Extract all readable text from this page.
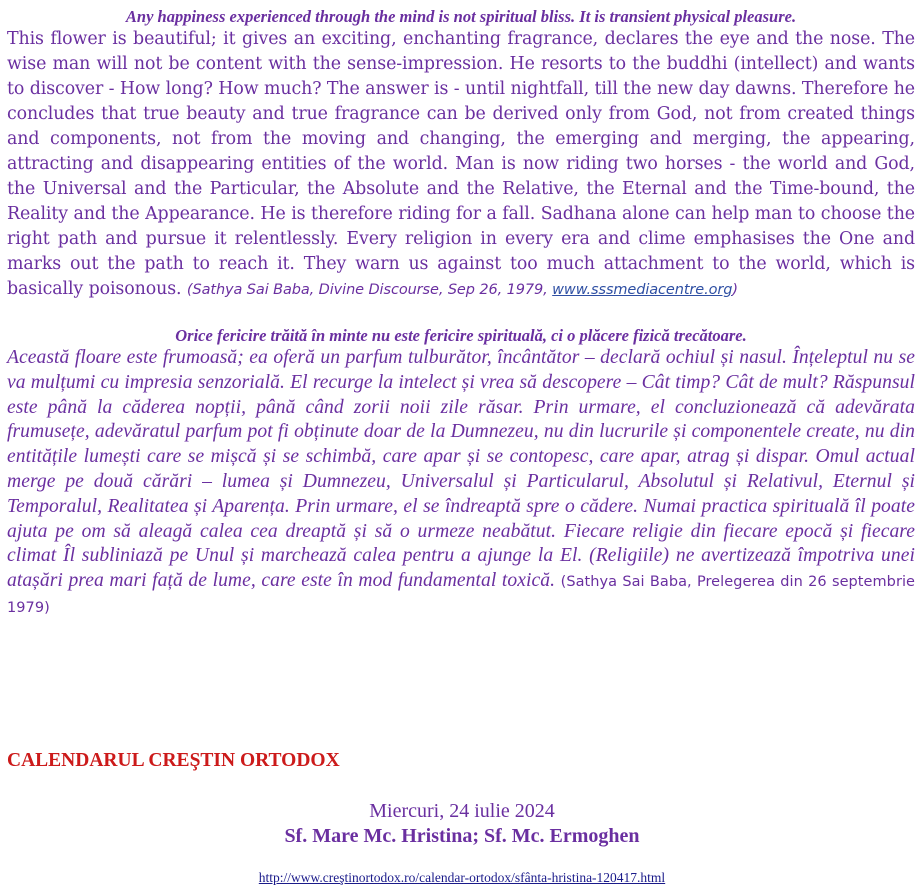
Any happiness experienced through the mind is not spiritual bliss. It is transient physical pleasure.

This flower is beautiful; it gives an exciting, enchanting fragrance, declares the eye and the nose. The wise man will not be content with the sense-impression. He resorts to the buddhi (intellect) and wants to discover - How long? How much? The answer is - until nightfall, till the new day dawns. Therefore he concludes that true beauty and true fragrance can be derived only from God, not from created things and components, not from the moving and changing, the emerging and merging, the appearing, attracting and disappearing entities of the world. Man is now riding two horses - the world and God, the Universal and the Particular, the Absolute and the Relative, the Eternal and the Time-bound, the Reality and the Appearance. He is therefore riding for a fall. Sadhana alone can help man to choose the right path and pursue it relentlessly. Every religion in every era and clime emphasises the One and marks out the path to reach it. They warn us against too much attachment to the world, which is basically poisonous. (Sathya Sai Baba, Divine Discourse, Sep 26, 1979, www.sssmediacentre.org)

Orice fericire trăită în minte nu este fericire spirituală, ci o plăcere fizică trecătoare.

Această floare este frumoasă; ea oferă un parfum tulburător, încântător – declară ochiul și nasul. Înțeleptul nu se va mulțumi cu impresia senzorială. El recurge la intelect și vrea să descopere – Cât timp? Cât de mult? Răspunsul este până la căderea nopții, până când zorii noii zile răsar. Prin urmare, el concluzionează că adevărata frumusețe, adevăratul parfum pot fi obținute doar de la Dumnezeu, nu din lucrurile și componentele create, nu din entitățile lumești care se mișcă și se schimbă, care apar și se contopesc, care apar, atrag și dispar. Omul actual merge pe două cărări – lumea și Dumnezeu, Universalul și Particularul, Absolutul și Relativul, Eternul și Temporalul, Realitatea și Aparența. Prin urmare, el se îndreaptă spre o cădere. Numai practica spirituală îl poate ajuta pe om să aleagă calea cea dreaptă și să o urmeze neabătut. Fiecare religie din fiecare epocă și fiecare climat Îl subliniază pe Unul și marchează calea pentru a ajunge la El. (Religiile) ne avertizează împotriva unei atașări prea mari față de lume, care este în mod fundamental toxică. (Sathya Sai Baba, Prelegerea din 26 septembrie 1979)

CALENDARUL CREŞTIN ORTODOX

Miercuri, 24 iulie 2024
Sf. Mare Mc. Hristina; Sf. Mc. Ermoghen
http://www.creştinortodox.ro/calendar-ortodox/sfânta-hristina-120417.html
